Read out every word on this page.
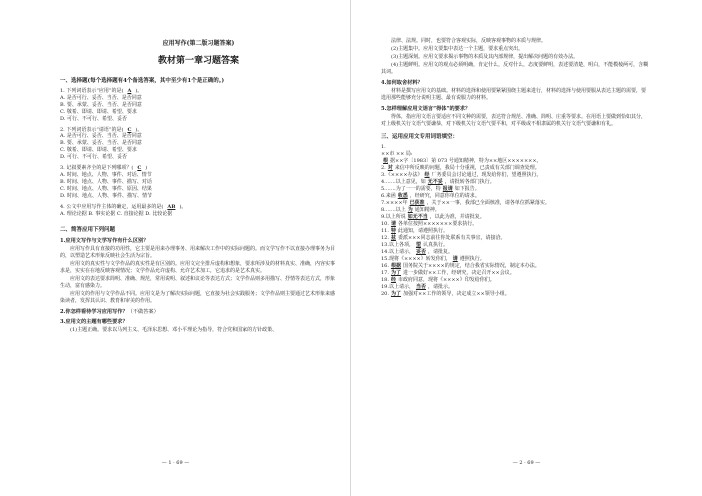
应用写作(第二版习题答案)
教材第一章习题答案
一、选择题(每个选择题有4个备选答案，其中至少有1个是正确的。)

1. 下列词语表示“应用”的是( A )。

A. 是否可行、妥否、当否、是否同意

B. 要、承蒙、妥否、当否、是否同意

C. 敬希、即请、即请、希望、要求

D. 可行、不可行、希望、妥否

2. 下列词语表示“请语”的是( C )。

A. 是否可行、妥否、当否、是否同意

B. 要、承蒙、妥否、当否、是否同意

C. 敬希、即请、即请、希望、要求

D. 可行、不可行、希望、妥否

3. 记叙要素齐全的是下列哪项？( C )

A. 时间、地点、人物、事件、对话、情节

B. 时间、地点、人物、事件、描写、对话

C. 时间、地点、人物、事件、原因、结果

D. 时间、地点、人物、事件、描写、情节

4. 公文中应用写作主体的确定，运用最多的是( AB )。

A. 理论论据 B. 事实论据 C. 直接论据 D. 比较论据

二、简答应用下列问题
1.应用文写作与文学写作有什么区别？

应用写作具有直接的功用性，它主要是用来办理事务、用来解决工作中的实际问题的。而文学写作不以直接办理事务为目的，以塑造艺术形象反映社会生活为宗旨。

应用文的真实性与文学作品的真实性是有区别的。应用文完全排斥虚构和想象，要求所涉及的材料真实、准确，内容实事求是，实实在在地反映客观情况；文学作品允许虚构、允许艺术加工，它追求的是艺术真实。

应用文的表达要求简明、准确、规范，常用说明、叙述和议论等表达方式；文学作品则多用描写、抒情等表达方式，形象生动，富有感染力。

应用文的作用与文学作品不同。应用文是为了解决实际问题，它直接为社会实践服务；文学作品则主要通过艺术形象来感染读者，发挥其认识、教育和审美的作用。

2.你怎样看待学习应用写作？（不做答案）
3.应用文的主题有哪些要求？

(1)主题正确。要求以马列主义、毛泽东思想、邓小平理论为指导，符合党和国家的方针政策、

— 1 · 69 —

法律、法规。同时，也要符合客观实际，反映客观事物的本质与规律。

(2)主题集中。应用文要集中表达一个主题，要求重点突出。

(3)主题深刻。应用文要求揭示事物的本质及其内部规律，提出解决问题的有效办法。

(4)主题鲜明。应用文的观点必须明确，肯定什么，反对什么，态度要鲜明，表述要清楚，明白，不能模棱两可，含糊其词。

4.如何取舍材料？

材料是撰写应用文的基础。材料的选择和使用要紧紧围绕主题来进行，材料的选择与使用要服从表达主题的需要，要选用那些能够充分说明主题、最有说服力的材料。

5.怎样理解应用文语言“得体”的要求？

得体，指应用文语言要适应不同文种的需要，表达符合规范、准确、简明、庄重等要求。在用语上要做到恰如其分，对上级机关行文语气要谦恭，对下级机关行文语气要平和，对平级或不相隶属的机关行文语气要谦和有礼。

三、运用应用文专用词语填空：

1.

××市 ×× 局:

根 据××字〔1983〕第 073 号通知精神，特为××地区×××××××。

2. 对 来信中所反映的问题，我局十分重视，已责成有关部门调查处理。

3.《××××办法》 经 厂务委员会讨论通过，现发给你们，望遵照执行。

4.……以上意见，如 无不妥 ，请批转各部门执行。

5.……为了一一的需要，特 报请 如下报告。

6.来函 收悉 ，经研究，同意你单位的请求。

7.××××年 已获准 ，关于××一事，我部已全面核准，请各单位抓紧落实。

8.……以上 为 通知精神。

9.以上所说 如无不当 ，以此为准，并请批复。

10. 请 各单位按照×××××××要求执行。

11. 特 此通知，请遵照执行。

12. 兹 委派×××同志前往你处联系有关事宜，请接洽。

13.以上各项， 望 认真执行。

14.以上请示， 妥否 ，请批复。

15.现将《××××》转发你们， 请 遵照执行。

16. 根据 国务院关于××××的规定，结合我省实际情况，制定本办法。

17. 为了 进一步做好××工作，经研究，决定召开××会议。

18. 经 市政府同意，现将《××××》印发给你们。

19.以上请示， 当否 ，请批示。

20. 为了 加强对××工作的领导，决定成立××领导小组。

— 2 · 69 —
